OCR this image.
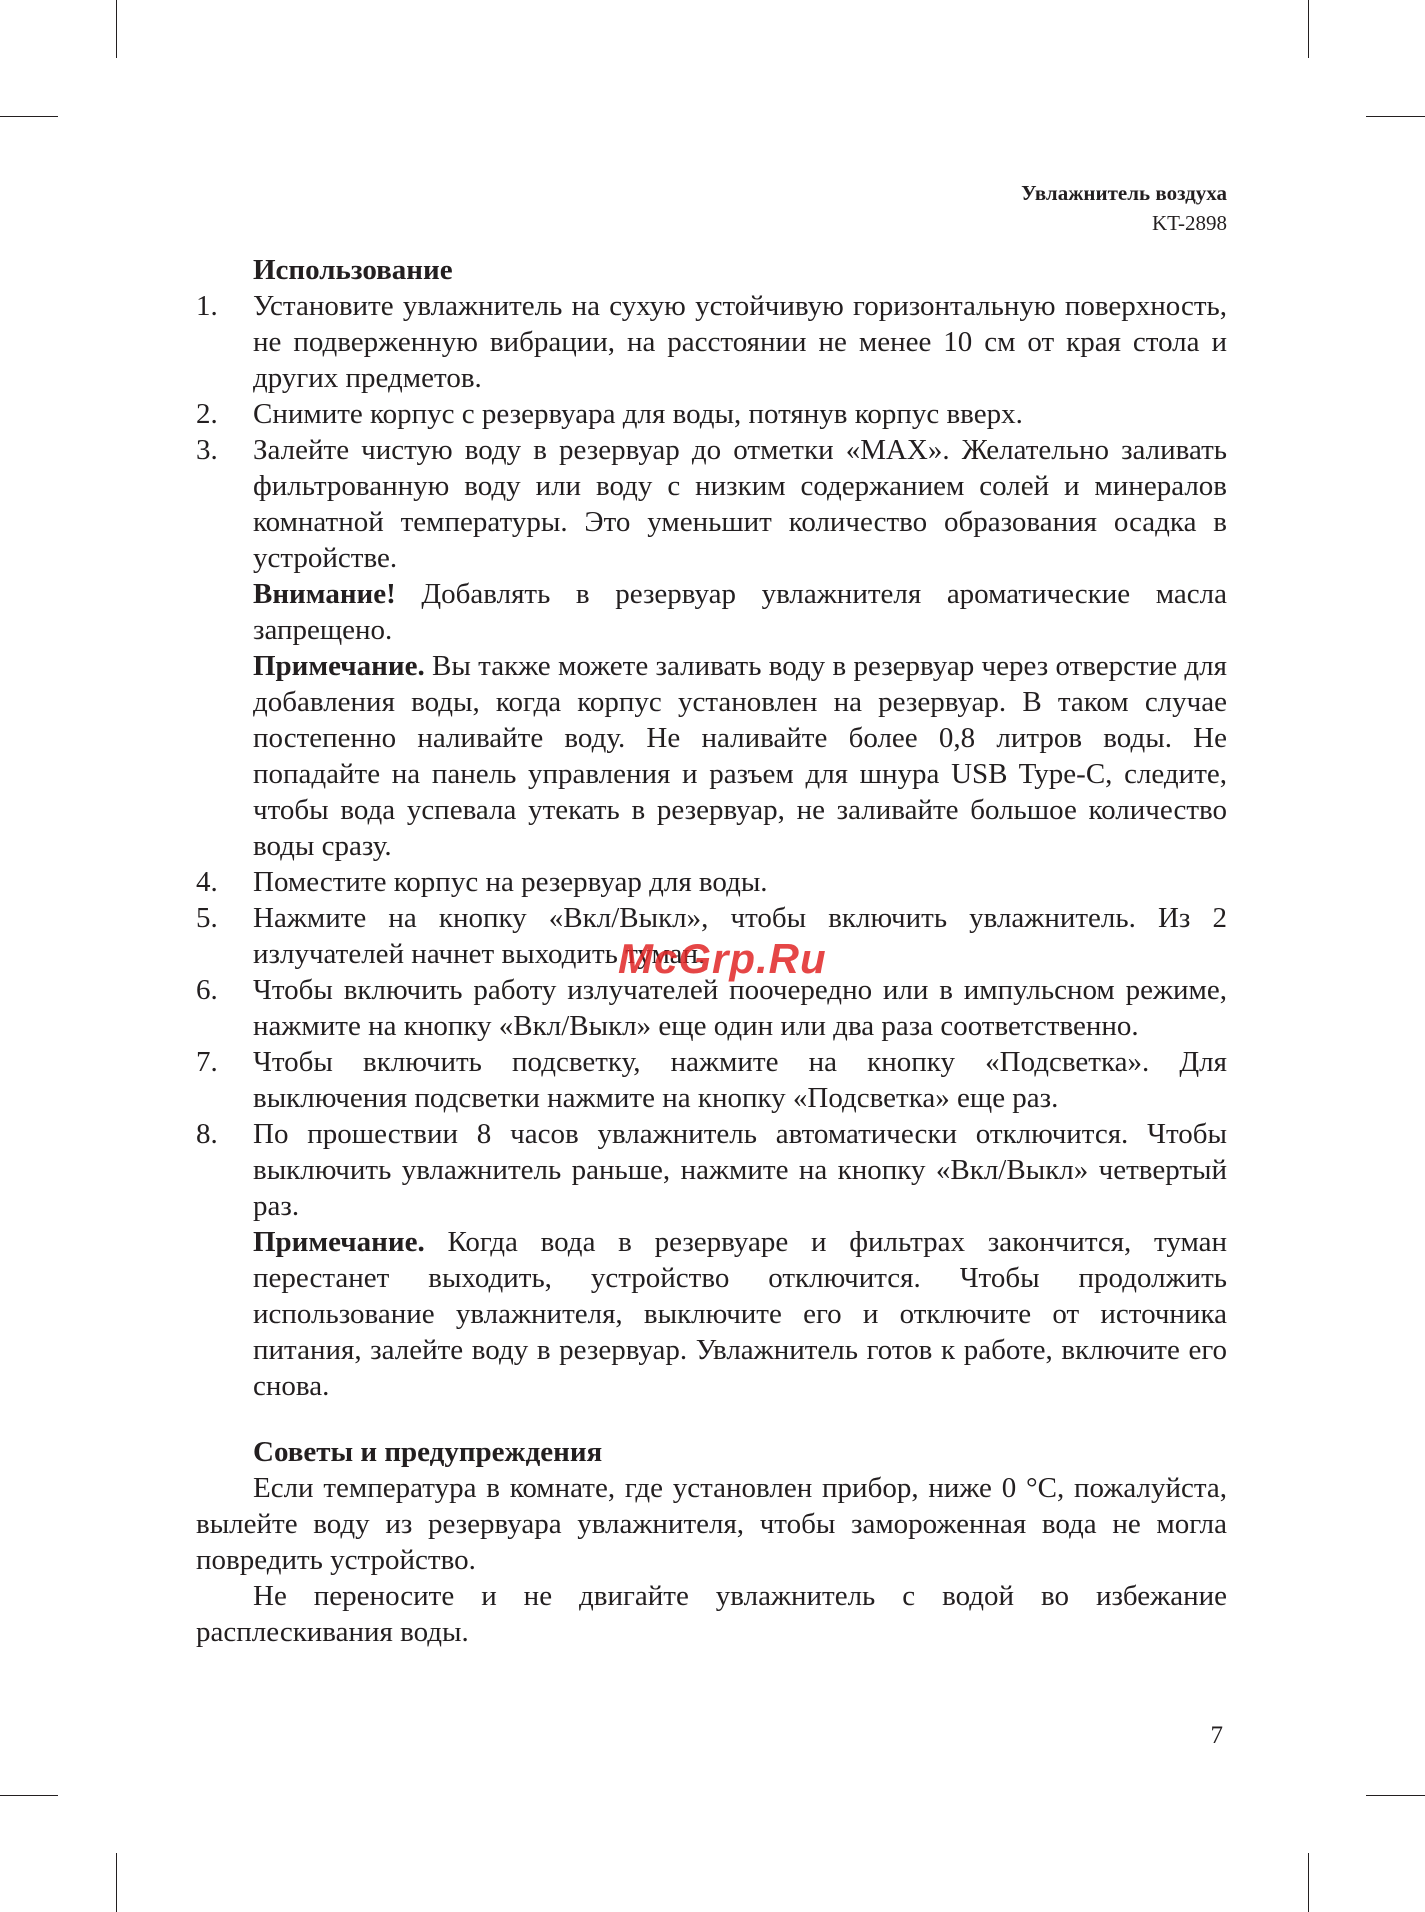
Увлажнитель воздуха
KT-2898

Использование

1.	Установите увлажнитель на сухую устойчивую горизонтальную поверхность, не подверженную вибрации, на расстоянии не менее 10 см от края стола и других предметов.
2.	Снимите корпус с резервуара для воды, потянув корпус вверх.
3.	Залейте чистую воду в резервуар до отметки «MAX». Желательно заливать фильтрованную воду или воду с низким содержанием солей и минералов комнатной температуры. Это уменьшит количество образования осадка в устройстве.

Внимание! Добавлять в резервуар увлажнителя ароматические масла запрещено.

Примечание. Вы также можете заливать воду в резервуар через отверстие для добавления воды, когда корпус установлен на резервуар. В таком случае постепенно наливайте воду. Не наливайте более 0,8 литров воды. Не попадайте на панель управления и разъем для шнура USB Type-C, следите, чтобы вода успевала утекать в резервуар, не заливайте большое количество воды сразу.

4.	Поместите корпус на резервуар для воды.
5.	Нажмите на кнопку «Вкл/Выкл», чтобы включить увлажнитель. Из 2 излучателей начнет выходить туман.
6.	Чтобы включить работу излучателей поочередно или в импульсном режиме, нажмите на кнопку «Вкл/Выкл» еще один или два раза соответственно.
7.	Чтобы включить подсветку, нажмите на кнопку «Подсветка». Для выключения подсветки нажмите на кнопку «Подсветка» еще раз.
8.	По прошествии 8 часов увлажнитель автоматически отключится. Чтобы выключить увлажнитель раньше, нажмите на кнопку «Вкл/Выкл» четвертый раз.

Примечание. Когда вода в резервуаре и фильтрах закончится, туман перестанет выходить, устройство отключится. Чтобы продолжить использование увлажнителя, выключите его и отключите от источника питания, залейте воду в резервуар. Увлажнитель готов к работе, включите его снова.

Советы и предупреждения

Если температура в комнате, где установлен прибор, ниже 0 °C, пожалуйста, вылейте воду из резервуара увлажнителя, чтобы замороженная вода не могла повредить устройство.

Не переносите и не двигайте увлажнитель с водой во избежание расплескивания воды.

McGrp.Ru
7
